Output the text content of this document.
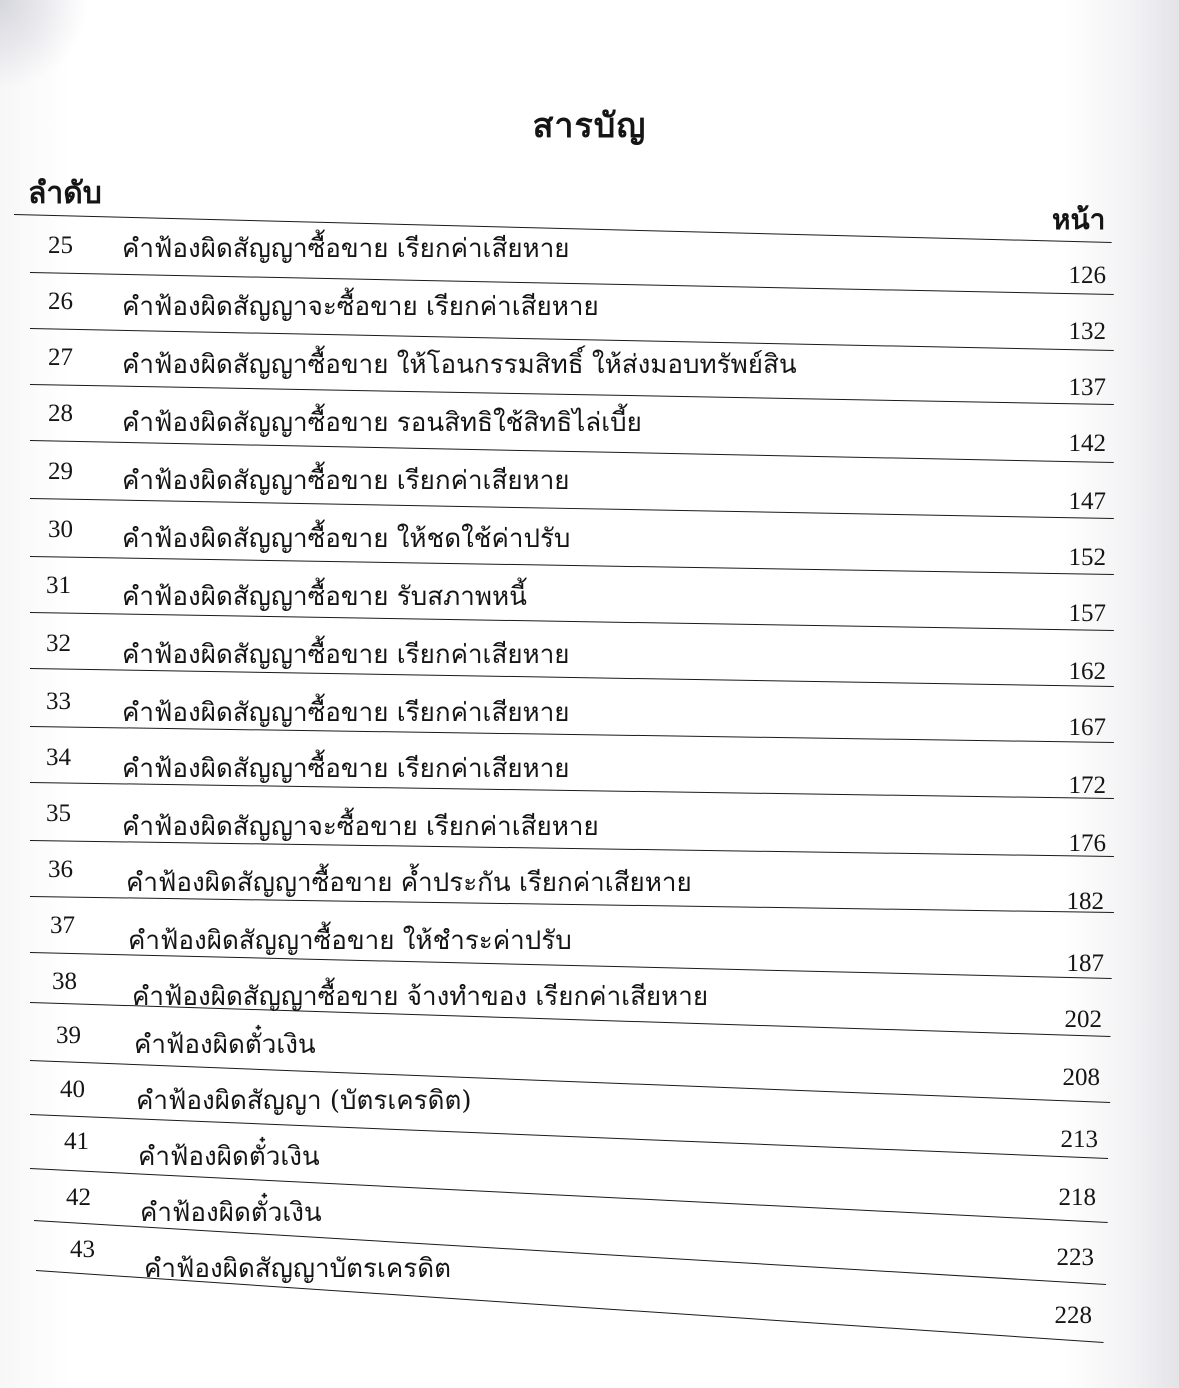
สารบัญ
ลำดับ
หน้า
25 คำฟ้องผิดสัญญาซื้อขาย เรียกค่าเสียหาย
126
26 คำฟ้องผิดสัญญาจะซื้อขาย เรียกค่าเสียหาย
132
27 คำฟ้องผิดสัญญาซื้อขาย ให้โอนกรรมสิทธิ์ ให้ส่งมอบทรัพย์สิน
137
28 คำฟ้องผิดสัญญาซื้อขาย รอนสิทธิใช้สิทธิไล่เบี้ย
142
29 คำฟ้องผิดสัญญาซื้อขาย เรียกค่าเสียหาย
147
30 คำฟ้องผิดสัญญาซื้อขาย ให้ชดใช้ค่าปรับ
152
31 คำฟ้องผิดสัญญาซื้อขาย รับสภาพหนี้
157
32 คำฟ้องผิดสัญญาซื้อขาย เรียกค่าเสียหาย
162
33 คำฟ้องผิดสัญญาซื้อขาย เรียกค่าเสียหาย	167
34 คำฟ้องผิดสัญญาซื้อขาย เรียกค่าเสียหาย
172
35 คำฟ้องผิดสัญญาจะซื้อขาย เรียกค่าเสียหาย
176
36 คำฟ้องผิดสัญญาซื้อขาย ค้ำประกัน เรียกค่าเสียหาย
182
37
คำฟ้องผิดสัญญาซื้อขาย ให้ชำระค่าปรับ
187
38
คำฟ้องผิดสัญญาซื้อขาย จ้างทำของ เรียกค่าเสียหาย
202
39 คำฟ้องผิดตั๋วเงิน
208
40 คำฟ้องผิดสัญญา (บัตรเครดิต)
213
41
คำฟ้องผิดตั๋วเงิน
218
42
คำฟ้องผิดตั๋วเงิน
223
43
คำฟ้องผิดสัญญาบัตรเครดิต
228
